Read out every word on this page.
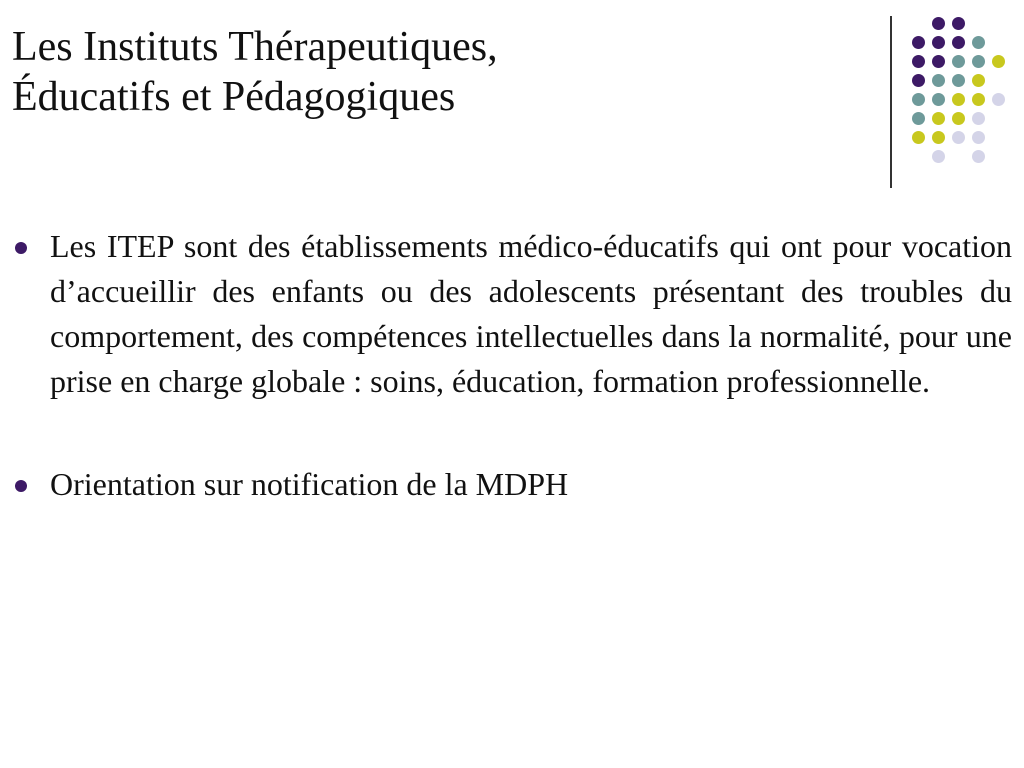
Les Instituts Thérapeutiques,
Éducatifs et Pédagogiques
Les ITEP sont des établissements médico-éducatifs qui ont pour vocation d’accueillir des enfants ou des adolescents présentant des troubles du comportement, des compétences intellectuelles dans la normalité, pour une prise en charge globale : soins, éducation, formation professionnelle.
Orientation sur notification de la MDPH
